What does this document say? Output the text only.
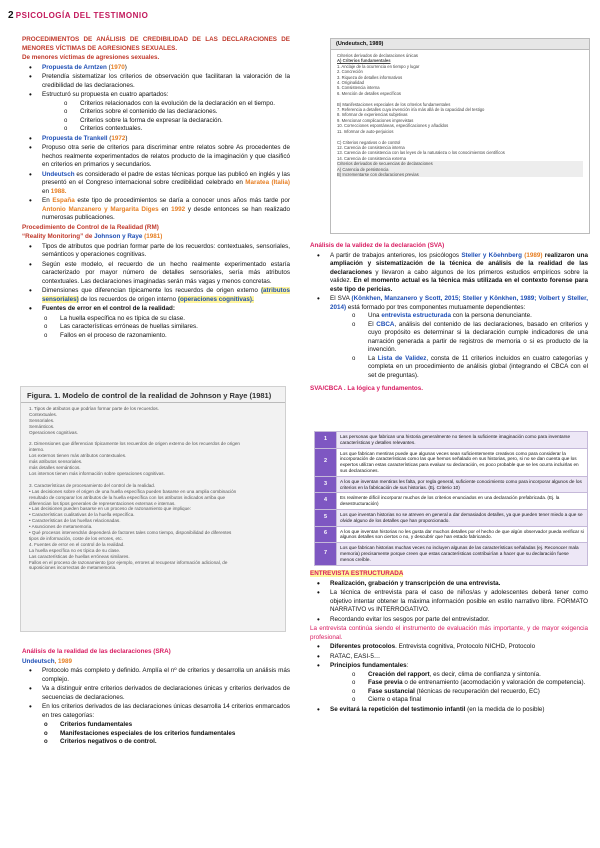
2 PSICOLOGÍA DEL TESTIMONIO

PROCEDIMIENTOS DE ANÁLISIS DE CREDIBILIDAD DE LAS DECLARACIONES DE MENORES VÍCTIMAS DE AGRESIONES SEXUALES.

De menores víctimas de agresiones sexuales.

• Propuesta de Arntzen (1970)
• Pretendía sistematizar los criterios de observación que facilitaran la valoración de la credibilidad de las declaraciones.
• Estructuró su propuesta en cuatro apartados:
o Criterios relacionados con la evolución de la declaración en el tiempo.
o Criterios sobre el contenido de las declaraciones.
o Criterios sobre la forma de expresar la declaración.
o Criterios contextuales.
• Propuesta de Trankell (1972)
• Propuso otra serie de criterios para discriminar entre relatos sobre As procedentes de hechos realmente experimentados de relatos producto de la imaginación y que clasificó en criterios en primarios y secundarios.
• Undeutsch es considerado el padre de estas técnicas porque las publicó en inglés y las presentó en el Congreso internacional sobre credibilidad celebrado en Maratea (Italia) en 1988.
• En España este tipo de procedimientos se daría a conocer unos años más tarde por Antonio Manzanero y Margarita Diges en 1992 y desde entonces se han realizado numerosas publicaciones.

Procedimiento de Control de la Realidad (RM)

“Reality Monitoring” de Johnson y Raye (1981)

• Tipos de atributos que podrían formar parte de los recuerdos: contextuales, sensoriales, semánticos y operaciones cognitivas.
• Según este modelo, el recuerdo de un hecho realmente experimentado estaría caracterizado por mayor número de detalles sensoriales, sería más atributos contextuales. Las declaraciones imaginadas serán más vagas y menos concretas.
• Dimensiones que diferencian típicamente los recuerdos de origen externo (atributos sensoriales) de los recuerdos de origen interno (operaciones cognitivas).
• Fuentes de error en el control de la realidad:
o La huella específica no es típica de su clase.
o Las características erróneas de huellas similares.
o Fallos en el proceso de razonamiento.
Figura. 1. Modelo de control de la realidad de Johnson y Raye (1981)
1. Tipos de atributos que podrían formar parte de los recuerdos.
Contextuales.
Sensoriales.
Semánticos.
Operaciones cognitivas.

2. Dimensiones que diferencian típicamente los recuerdos de origen externo de los recuerdos de origen
interno.
Los externos tienen más atributos contextuales.
más atributos sensoriales.
más detalles semánticos.
Los internos tienen más información sobre operaciones cognitivas.

3. Características de procesamiento del control de la realidad.
• Las decisiones sobre el origen de una huella específica pueden basarse en una amplia combinación
resultado de comparar los atributos de la huella específica con los atributos indicados arriba que
diferencian los tipos generales de representaciones externas e internas.
• Las decisiones pueden basarse en un proceso de razonamiento que implique:
• Características cualitativas de la huella específica.
• Características de las huellas relacionadas.
• Asunciones de metamemoria.
• Qué procesos intervendrán dependerá de factores tales como tiempo, disponibilidad de diferentes
tipos de información, coste de los errores, etc.
4. Fuentes de error en el control de la realidad.
La huella específica no es típica de su clase.
Las características de huellas erróneas similares.
Fallos en el proceso de razonamiento (por ejemplo, errores al recuperar información adicional, de
suposiciones incorrectas de metamemoria.

Análisis de la realidad de las declaraciones (SRA)

Undeutsch, 1989

• Protocolo más completo y definido. Amplía el nº de criterios y desarrolla un análisis más complejo.
• Va a distinguir entre criterios derivados de declaraciones únicas y criterios derivados de secuencias de declaraciones.
• En los criterios derivados de las declaraciones únicas desarrolla 14 criterios enmarcados en tres categorías:
o Criterios fundamentales
o Manifestaciones especiales de los criterios fundamentales
o Criterios negativos o de control.
(Undeutsch, 1989)
Criterios derivados de declaraciones únicas
A) Criterios fundamentales
1. Anclaje de la ocurrencia en tiempo y lugar
2. Concreción
3. Riqueza de detalles informativos
4. Originalidad
5. Consistencia interna
6. Mención de detalles específicos

B) Manifestaciones especiales de los criterios fundamentales
7. Referencia a detalles cuya invención iría más allá de la capacidad del testigo
8. Informar de experiencias subjetivas
9. Mencionar complicaciones imprevistas
10. Correcciones espontáneas, especificaciones y añadidos
11. Informar de auto-perjuicios

C) Criterios negativos o de control
12. Carencia de consistencia interna
13. Carencia de consistencia con las leyes de la naturaleza o los conocimientos científicos
14. Carencia de consistencia externa
Criterios derivados de secuencias de declaraciones
A) Carencia de persistencia
B) Incrementarse con declaraciones previas

Análisis de la validez de la declaración (SVA)

• A partir de trabajos anteriores, los psicólogos Steller y Köehnberg (1989) realizaron una ampliación y sistematización de la técnica de análisis de la realidad de las declaraciones y llevaron a cabo algunos de los primeros estudios empíricos sobre la validez. En el momento actual es la técnica más utilizada en el contexto forense para este tipo de pericias.
• El SVA (Könkhen, Manzanero y Scott, 2015; Steller y Könkhen, 1989; Volbert y Steller, 2014) está formado por tres componentes mutuamente dependientes:
o Una entrevista estructurada con la persona denunciante.
o El CBCA, análisis del contenido de las declaraciones, basado en criterios y cuyo propósito es determinar si la declaración cumple indicadores de una narración generada a partir de registros de memoria o si es producto de la invención.
o La Lista de Validez, consta de 11 criterios incluidos en cuatro categorías y completa en un procedimiento de análisis global (integrando el CBCA con el set de preguntas).

SVA/CBCA . La lógica y fundamentos.

1	Las personas que fabrican una historia generalmente no tienen la suficiente imaginación como para inventarse características y detalles relevantes.
2	Los que fabrican mentiras puede que algunas veces sean suficientemente creativos como para considerar la incorporación de características como las que hemos señalado en sus historias, pero, si no se dan cuenta que los expertos utilizan estas características para evaluar su declaración, es poco probable que se les ocurra incluirlas en sus declaraciones.
3	A los que inventan mentiras les falta, por regla general, suficiente conocimiento como para incorporar algunos de los criterios en la fabricación de sus historias. (Ej. Criterio 10)
4	Es realmente difícil incorporar muchos de los criterios enunciados en una declaración prefabricada. (Ej. la desestructuración)
5	Los que inventan historias no se atreven en general a dar demasiados detalles, ya que pueden tener miedo a que se olvide alguno de los detalles que han proporcionado.
6	A los que inventan historias no les gusta dar muchos detalles por el hecho de que algún observador pueda verificar si algunos detalles son ciertos o no, y descubrir que han estado fabricando.
7	Los que fabrican historias muchas veces no incluyen algunas de las características señaladas (ej. Reconocer mala memoria) precisamente porque creen que estas características contribuirían a hacer que su declaración fuese menos creíble.

ENTREVISTA ESTRUCTURADA

• Realización, grabación y transcripción de una entrevista.
• La técnica de entrevista para el caso de niños/as y adolescentes deberá tener como objetivo intentar obtener la máxima información posible en estilo narrativo libre. FORMATO NARRATIVO vs INTERROGATIVO.
• Recordando evitar los sesgos por parte del entrevistador.

La entrevista continúa siendo el instrumento de evaluación más importante, y de mayor exigencia profesional.

• Diferentes protocolos. Entrevista cognitiva, Protocolo NICHD, Protocolo
• RATAC, EASI-5…
• Principios fundamentales:
o Creación del rapport, es decir, clima de confianza y sintonía.
o Fase previa o de entrenamiento (acomodación y valoración de competencia).
o Fase sustancial (técnicas de recuperación del recuerdo, EC)
o Cierre o etapa final
• Se evitará la repetición del testimonio infantil (en la medida de lo posible)
